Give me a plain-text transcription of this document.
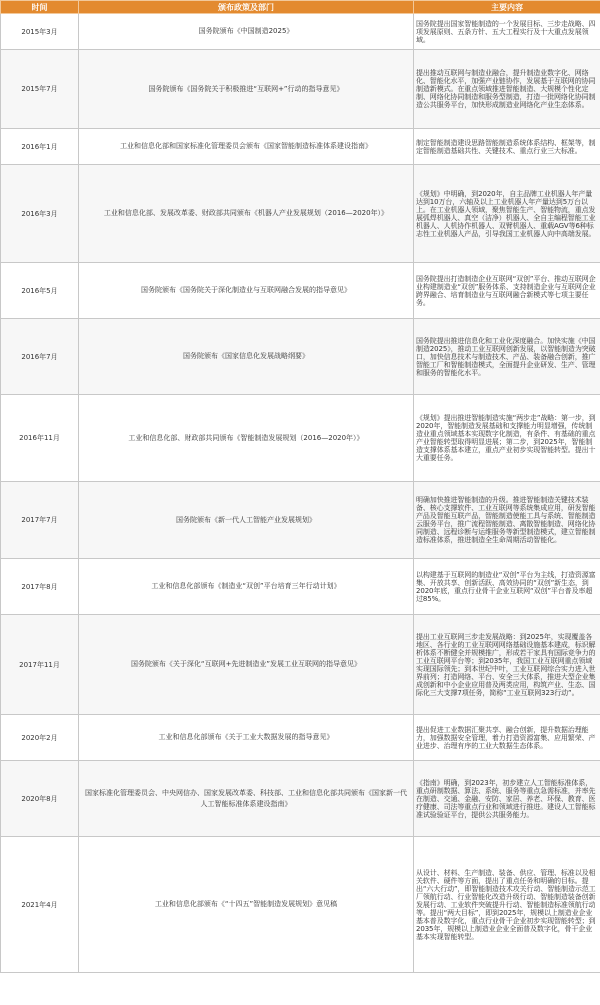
时间	颁布政策及部门	主要内容
2015年3月	国务院颁布《中国制造2025》	国务院提出国家智能制造的一个发展目标、三步走战略、四项发展原则、五条方针、五大工程实行及十大重点发展领域。
2015年7月	国务院颁布《国务院关于积极推进“互联网+”行动的指导意见》	提出推动互联网与制造业融合，提升制造业数字化、网络化、智能化水平，加强产业链协作，发展基于互联网的协同制造新模式。在重点领域推进智能制造、大规模个性化定制、网络化协同制造和服务型制造，打造一批网络化协同制造公共服务平台，加快形成制造业网络化产业生态体系。
2016年1月	工业和信息化部和国家标准化管理委员会颁布《国家智能制造标准体系建设指南》	制定智能制造建设思路智能制造系统体系结构、框架等，制定智能制造基础共性、关键技术、重点行业三大标准。
2016年3月	工业和信息化部、发展改革委、财政部共同颁布《机器人产业发展规划（2016—2020年）》	《规划》中明确，到2020年，自主品牌工业机器人年产量达到10万台，六轴及以上工业机器人年产量达到5万台以上。在工业机器人领域，聚焦智能生产、智能物流，重点发展弧焊机器人、真空（洁净）机器人、全自主编程智能工业机器人、人机协作机器人、双臂机器人、重载AGV等6种标志性工业机器人产品，引导我国工业机器人向中高端发展。
2016年5月	国务院颁布《国务院关于深化制造业与互联网融合发展的指导意见》	国务院提出打造制造企业互联网“双创”平台、推动互联网企业构建制造业“双创”服务体系、支持制造企业与互联网企业跨界融合、培育制造业与互联网融合新模式等七项主要任务。
2016年7月	国务院颁布《国家信息化发展战略纲要》	国务院提出推进信息化和工业化深度融合。加快实施《中国制造2025》，推动工业互联网创新发展，以智能制造为突破口，加快信息技术与制造技术、产品、装备融合创新，推广智能工厂和智能制造模式，全面提升企业研发、生产、管理和服务的智能化水平。
2016年11月	工业和信息化部、财政部共同颁布《智能制造发展规划（2016—2020年）》	《规划》提出推进智能制造实施“两步走”战略：第一步，到2020年，智能制造发展基础和支撑能力明显增强，传统制造业重点领域基本实现数字化制造，有条件、有基础的重点产业智能转型取得明显进展；第二步，到2025年，智能制造支撑体系基本建立，重点产业初步实现智能转型。提出十大重要任务。
2017年7月	国务院颁布《新一代人工智能产业发展规划》	明确加快推进智能制造的升级。推进智能制造关键技术装备、核心支撑软件、工业互联网等系统集成应用，研发智能产品及智能互联产品，智能制造使能工具与系统、智能制造云服务平台，推广流程智能制造、离散智能制造、网络化协同制造、远程诊断与运维服务等新型制造模式，建立智能制造标准体系，推进制造全生命周期活动智能化。
2017年8月	工业和信息化部颁布《制造业“双创”平台培育三年行动计划》	以构建基于互联网的制造业“双创”平台为主线，打造资源富集、开放共享、创新活跃、高效协同的“双创”新生态，到2020年底，重点行业骨干企业互联网“双创”平台普及率超过85%。
2017年11月	国务院颁布《关于深化“互联网+先进制造业”发展工业互联网的指导意见》	提出工业互联网三步走发展战略：到2025年，实现覆盖各地区、各行业的工业互联网网络基础设施基本建成，标识解析体系不断健全并规模推广，形成若干家具有国际竞争力的工业互联网平台等；到2035年，我国工业互联网重点领域实现国际领先；到本世纪中叶，工业互联网综合实力进入世界前列；打造网络、平台、安全三大体系，推进大型企业集成创新和中小企业应用普及两类应用，构筑产业、生态、国际化三大支撑7项任务，简称“工业互联网323行动”。
2020年2月	工业和信息化部颁布《关于工业大数据发展的指导意见》	提出促进工业数据汇聚共享、融合创新，提升数据治理能力，加强数据安全管理，着力打造资源富集、应用繁荣、产业进步、治理有序的工业大数据生态体系。
2020年8月	国家标准化管理委员会、中央网信办、国家发展改革委、科技部、工业和信息化部共同颁布《国家新一代人工智能标准体系建设指南》	《指南》明确，到2023年，初步建立人工智能标准体系，重点研制数据、算法、系统、服务等重点急需标准，并率先在制造、交通、金融、安防、家居、养老、环保、教育、医疗健康、司法等重点行业和领域进行推进。建设人工智能标准试验验证平台，提供公共服务能力。
2021年4月	工业和信息化部颁布《“十四五”智能制造发展规划》意见稿	从设计、材料、生产制造、装备、供应、管理、标准以及相关软件、硬件等方面，提出了重点任务和明确的目标。提出“六大行动”，即智能制造技术攻关行动、智能制造示范工厂领航行动、行业智能化改造升级行动、智能制造装备创新发展行动、工业软件突破提升行动、智能制造标准领航行动等。提出“两大目标”，即到2025年，规模以上制造业企业基本普及数字化，重点行业骨干企业初步实现智能转型；到2035年，规模以上制造业企业全面普及数字化，骨干企业基本实现智能转型。
